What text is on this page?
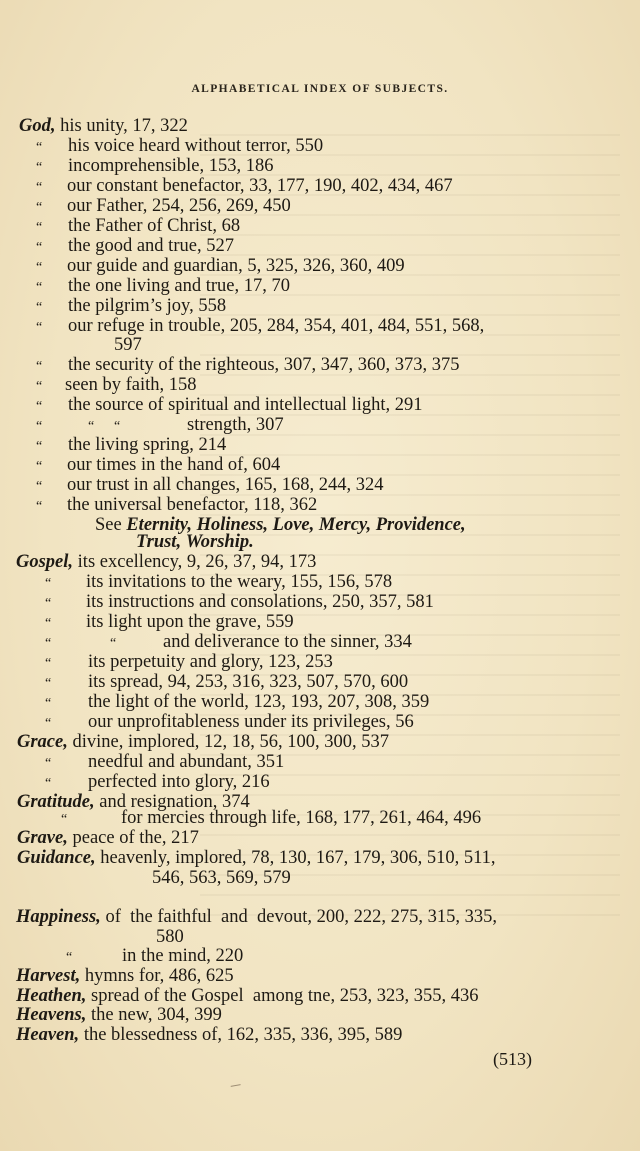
ALPHABETICAL INDEX OF SUBJECTS.
God, his unity, 17, 322
“ his voice heard without terror, 550
“ incomprehensible, 153, 186
“ our constant benefactor, 33, 177, 190, 402, 434, 467
“ our Father, 254, 256, 269, 450
“ the Father of Christ, 68
“ the good and true, 527
“ our guide and guardian, 5, 325, 326, 360, 409
“ the one living and true, 17, 70
“ the pilgrim’s joy, 558
“ our refuge in trouble, 205, 284, 354, 401, 484, 551, 568,
597
“ the security of the righteous, 307, 347, 360, 373, 375
“ seen by faith, 158
“ the source of spiritual and intellectual light, 291
“	“ “	strength, 307
“ the living spring, 214
“ our times in the hand of, 604
“ our trust in all changes, 165, 168, 244, 324
“ the universal benefactor, 118, 362
See Eternity, Holiness, Love, Mercy, Providence,
Trust, Worship.
Gospel, its excellency, 9, 26, 37, 94, 173
“ its invitations to the weary, 155, 156, 578
“ its instructions and consolations, 250, 357, 581
“ its light upon the grave, 559
“	“	and deliverance to the sinner, 334
“ its perpetuity and glory, 123, 253
“ its spread, 94, 253, 316, 323, 507, 570, 600
“ the light of the world, 123, 193, 207, 308, 359
“ our unprofitableness under its privileges, 56
Grace, divine, implored, 12, 18, 56, 100, 300, 537
“ needful and abundant, 351
“ perfected into glory, 216
Gratitude, and resignation, 374
“	for mercies through life, 168, 177, 261, 464, 496
Grave, peace of the, 217
Guidance, heavenly, implored, 78, 130, 167, 179, 306, 510, 511,
546, 563, 569, 579
Happiness, of  the faithful  and  devout, 200, 222, 275, 315, 335,
580
“	in the mind, 220
Harvest, hymns for, 486, 625
Heathen, spread of the Gospel  among tne, 253, 323, 355, 436
Heavens, the new, 304, 399
Heaven, the blessedness of, 162, 335, 336, 395, 589
(513)
